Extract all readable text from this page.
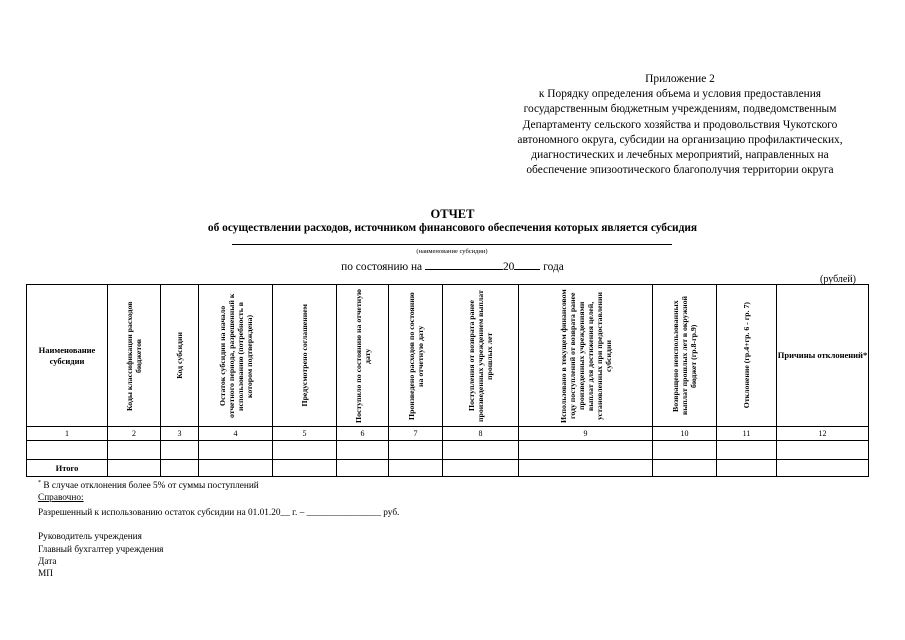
Приложение 2
к Порядку определения объема и условия предоставления
государственным бюджетным учреждениям, подведомственным
Департаменту сельского хозяйства и продовольствия Чукотского
автономного округа, субсидии на организацию профилактических,
диагностических и лечебных мероприятий, направленных на
обеспечение эпизоотического благополучия территории округа
ОТЧЕТ
об осуществлении расходов, источником финансового обеспечения которых является субсидия
(наименование субсидии)
по состоянию на	20	года
(рублей)
Наименование субсидии	Коды классификации расходов бюджетов	Код субсидии	Остаток субсидии на начало отчетного периода, разрешенный к использованию (потребность в котором подтверждена)	Предусмотрено соглашением	Поступило по состоянию на отчетную дату	Произведено расходов по состоянию на отчетную дату	Поступления от возврата ранее произведенных учреждением выплат прошлых лет	Использовано в текущем финансовом году поступлений от возврата ранее произведенных учреждениями выплат для достижения целей, установленных при предоставлении субсидии	Возвращено неиспользованных выплат прошлых лет в окружной бюджет (гр.8-гр.9)	Отклонение (гр.4+гр. 6 - гр. 7)	Причины отклонений*

1	2	3	4	5	6	7	8	9	10	11	12

Итого											
* В случае отклонения более 5% от суммы поступлений
Справочно:
Разрешенный к использованию остаток субсидии на 01.01.20__ г. – ________________ руб.
Руководитель учреждения
Главный бухгалтер учреждения
Дата
МП
